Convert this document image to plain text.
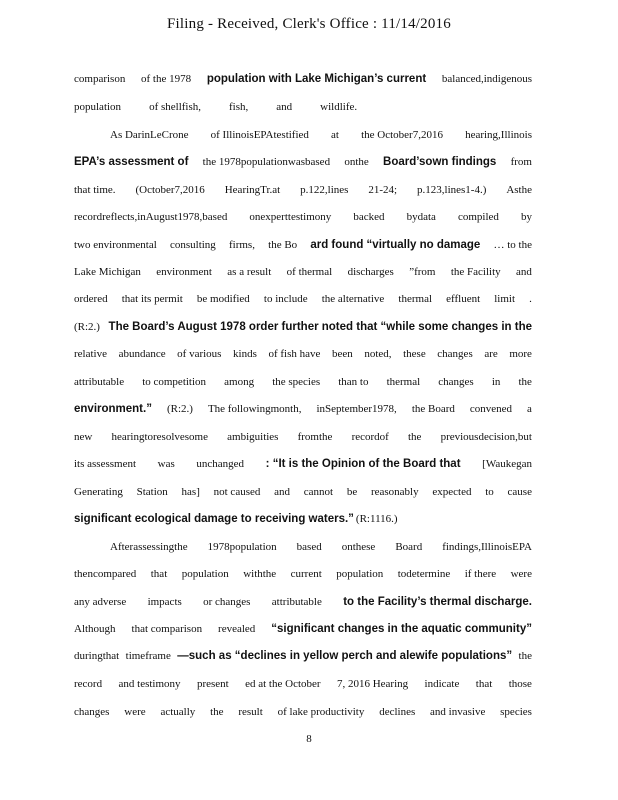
Filing - Received, Clerk's Office : 11/14/2016
comparison of the 1978 population with Lake Michigan’s current balanced,indigenous
population	of shellfish,	fish,	and	wildlife.
As DarinLeCrone of IllinoisEPAtestified at the October7,2016 hearing,Illinois
EPA’s assessment of the 1978populationwasbased onthe Board’sown findings from
that time. (October7,2016 HearingTr.at p.122,lines 21-24; p.123,lines1-4.) Asthe
recordreflects,inAugust1978,based onexperttestimony backed bydata compiled by
two environmental consulting firms, the Bo ard found “virtually no damage … to the
Lake Michigan environment as a result of thermal discharges ”from the Facility and
ordered that its permit be modified to include the alternative thermal effluent limit .
(R:2.) The Board’s August 1978 order further noted that “while some changes in the
relative abundance of various kinds of fish have been noted, these changes are more
attributable to competition among the species than to thermal changes in the
environment.” (R:2.) The followingmonth, inSeptember1978, the Board convened a
new hearingtoresolvesome ambiguities fromthe recordof the previousdecision,but
its assessment was unchanged : “It is the Opinion of the Board that [Waukegan
Generating Station has] not caused and cannot be reasonably expected to cause
significant ecological damage to receiving waters.” (R:1116.)
Afterassessingthe 1978population based onthese Board findings,IllinoisEPA
thencompared that population withthe current population todetermine if there were
any adverse impacts or changes attributable to the Facility’s thermal discharge.
Although that comparison revealed “significant changes in the aquatic community”
duringthat timeframe —such as “declines in yellow perch and alewife populations” the
record and testimony present ed at the October 7, 2016 Hearing indicate that those
changes were actually the result of lake productivity declines and invasive species
8
